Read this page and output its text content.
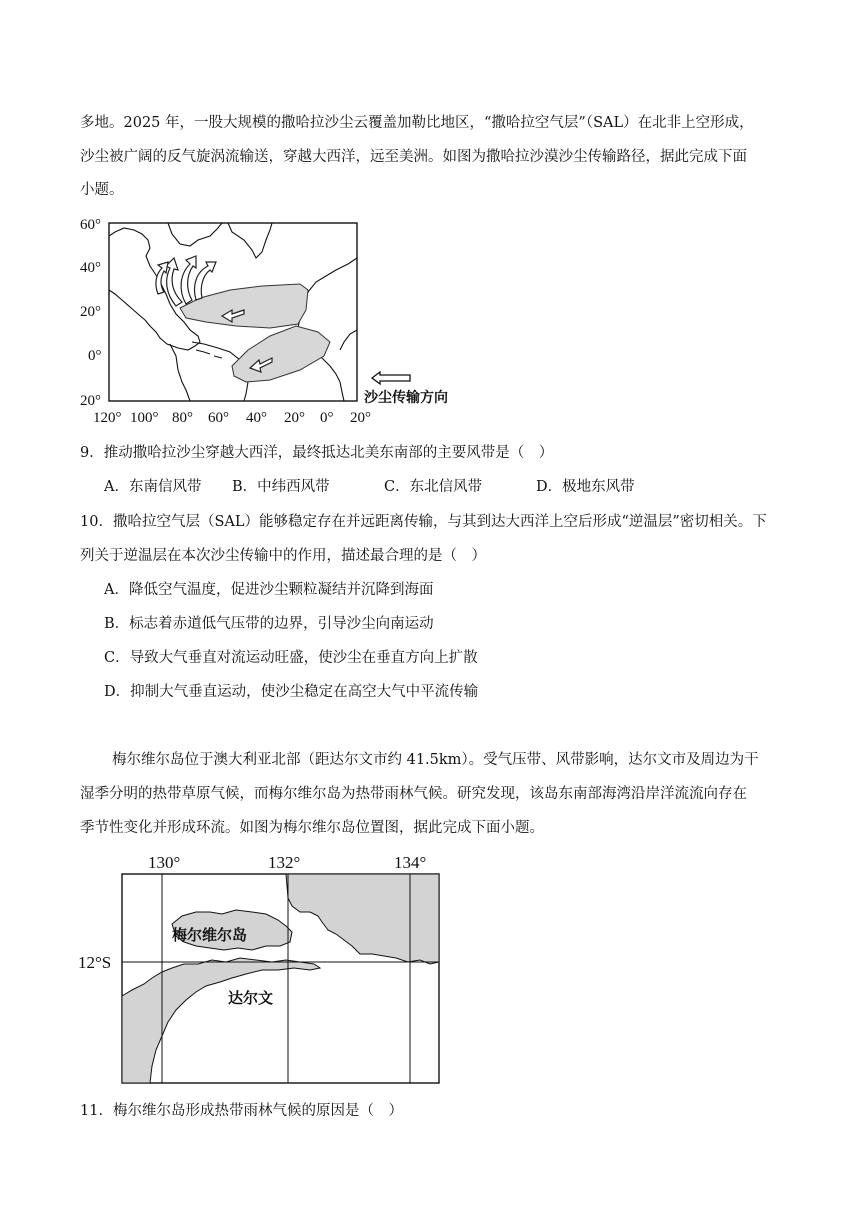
多地。2025 年，一股大规模的撒哈拉沙尘云覆盖加勒比地区，“撒哈拉空气层”（SAL）在北非上空形成，
沙尘被广阔的反气旋涡流输送，穿越大西洋，远至美洲。如图为撒哈拉沙漠沙尘传输路径，据此完成下面
小题。
60°
40°
20°
0°
20°
120° 100° 80° 60° 40° 20° 0° 20°
沙尘传输方向
9．推动撒哈拉沙尘穿越大西洋，最终抵达北美东南部的主要风带是（　）
A．东南信风带 B．中纬西风带	C．东北信风带	D．极地东风带
10．撒哈拉空气层（SAL）能够稳定存在并远距离传输，与其到达大西洋上空后形成“逆温层”密切相关。下
列关于逆温层在本次沙尘传输中的作用，描述最合理的是（　）
A．降低空气温度，促进沙尘颗粒凝结并沉降到海面
B．标志着赤道低气压带的边界，引导沙尘向南运动
C．导致大气垂直对流运动旺盛，使沙尘在垂直方向上扩散
D．抑制大气垂直运动，使沙尘稳定在高空大气中平流传输
梅尔维尔岛位于澳大利亚北部（距达尔文市约 41.5km）。受气压带、风带影响，达尔文市及周边为干
湿季分明的热带草原气候，而梅尔维尔岛为热带雨林气候。研究发现，该岛东南部海湾沿岸洋流流向存在
季节性变化并形成环流。如图为梅尔维尔岛位置图，据此完成下面小题。
130°	132°	134°
12°S
梅尔维尔岛
达尔文
11．梅尔维尔岛形成热带雨林气候的原因是（　）
